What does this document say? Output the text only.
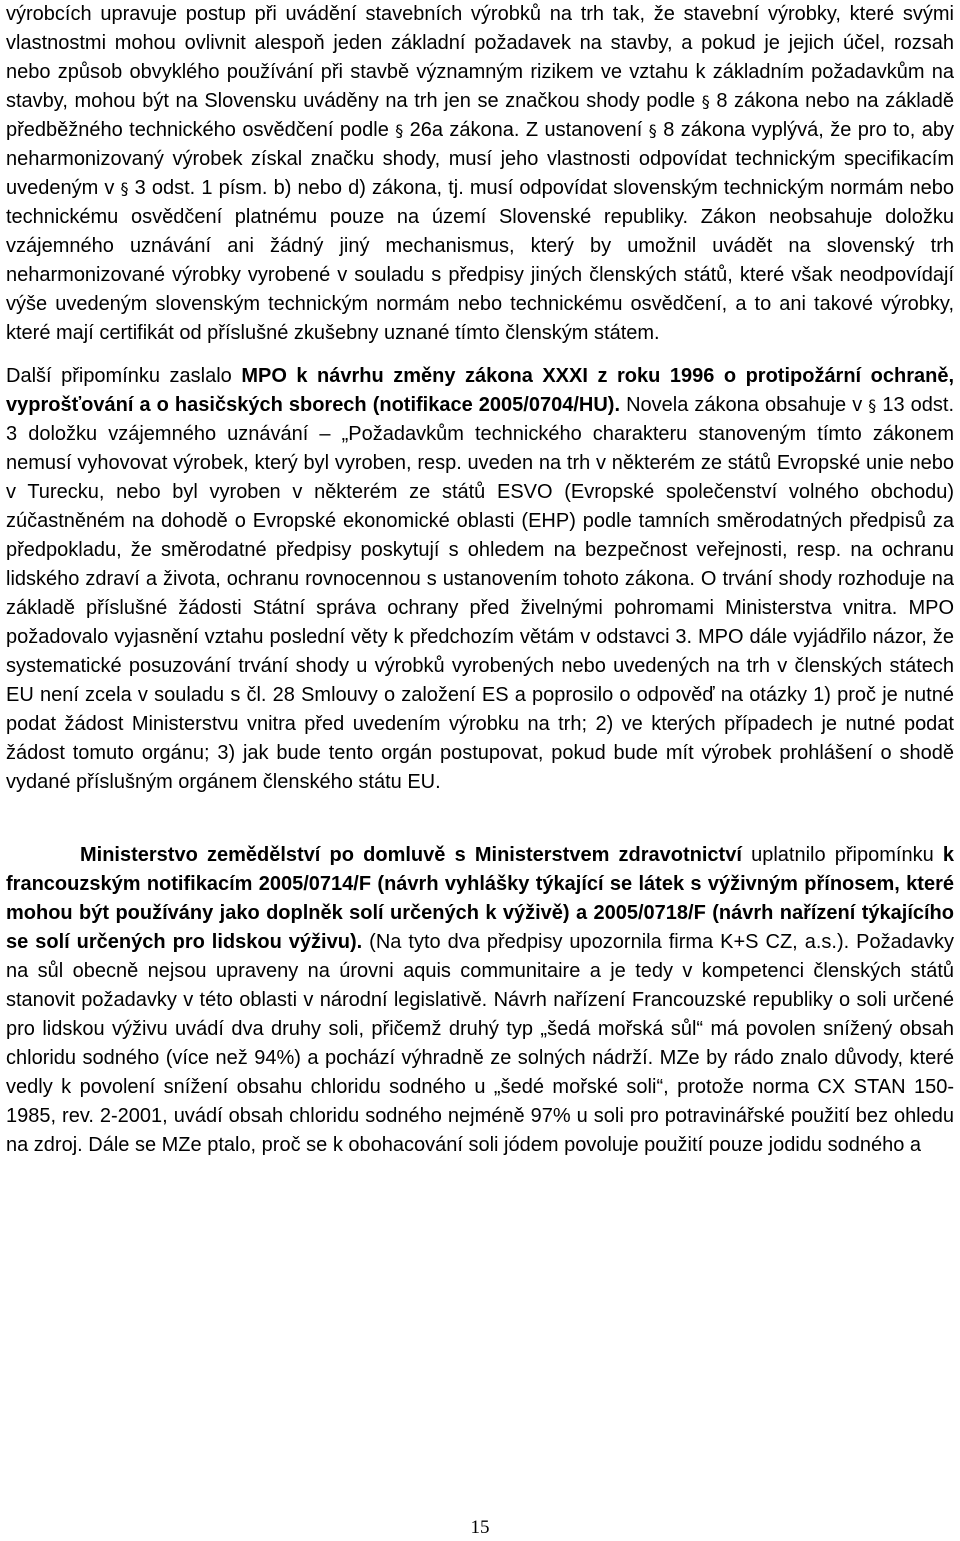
výrobcích upravuje postup při uvádění stavebních výrobků na trh tak, že stavební výrobky, které svými vlastnostmi mohou ovlivnit alespoň jeden základní požadavek na stavby, a pokud je jejich účel, rozsah nebo způsob obvyklého používání při stavbě významným rizikem ve vztahu k základním požadavkům na stavby, mohou být na Slovensku uváděny na trh jen se značkou shody podle § 8 zákona nebo na základě předběžného technického osvědčení podle § 26a zákona. Z ustanovení § 8 zákona vyplývá, že pro to, aby neharmonizovaný výrobek získal značku shody, musí jeho vlastnosti odpovídat technickým specifikacím uvedeným v § 3 odst. 1 písm. b) nebo d) zákona, tj. musí odpovídat slovenským technickým normám nebo technickému osvědčení platnému pouze na území Slovenské republiky. Zákon neobsahuje doložku vzájemného uznávání ani žádný jiný mechanismus, který by umožnil uvádět na slovenský trh neharmonizované výrobky vyrobené v souladu s předpisy jiných členských států, které však neodpovídají výše uvedeným slovenským technickým normám nebo technickému osvědčení, a to ani takové výrobky, které mají certifikát od příslušné zkušebny uznané tímto členským státem.

Další připomínku zaslalo MPO k návrhu změny zákona XXXI z roku 1996 o protipožární ochraně, vyprošťování a o hasičských sborech (notifikace 2005/0704/HU). Novela zákona obsahuje v § 13 odst. 3 doložku vzájemného uznávání – „Požadavkům technického charakteru stanoveným tímto zákonem nemusí vyhovovat výrobek, který byl vyroben, resp. uveden na trh v některém ze států Evropské unie nebo v Turecku, nebo byl vyroben v některém ze států ESVO (Evropské společenství volného obchodu) zúčastněném na dohodě o Evropské ekonomické oblasti (EHP) podle tamních směrodatných předpisů za předpokladu, že směrodatné předpisy poskytují s ohledem na bezpečnost veřejnosti, resp. na ochranu lidského zdraví a života, ochranu rovnocennou s ustanovením tohoto zákona. O trvání shody rozhoduje na základě příslušné žádosti Státní správa ochrany před živelnými pohromami Ministerstva vnitra. MPO požadovalo vyjasnění vztahu poslední věty k předchozím větám v odstavci 3. MPO dále vyjádřilo názor, že systematické posuzování trvání shody u výrobků vyrobených nebo uvedených na trh v členských státech EU není zcela v souladu s čl. 28 Smlouvy o založení ES a poprosilo o odpověď na otázky 1) proč je nutné podat žádost Ministerstvu vnitra před uvedením výrobku na trh; 2) ve kterých případech je nutné podat žádost tomuto orgánu; 3) jak bude tento orgán postupovat, pokud bude mít výrobek prohlášení o shodě vydané příslušným orgánem členského státu EU.

Ministerstvo zemědělství po domluvě s Ministerstvem zdravotnictví uplatnilo připomínku k francouzským notifikacím 2005/0714/F (návrh vyhlášky týkající se látek s výživným přínosem, které mohou být používány jako doplněk solí určených k výživě) a 2005/0718/F (návrh nařízení týkajícího se solí určených pro lidskou výživu). (Na tyto dva předpisy upozornila firma K+S CZ, a.s.). Požadavky na sůl obecně nejsou upraveny na úrovni aquis communitaire a je tedy v kompetenci členských států stanovit požadavky v této oblasti v národní legislativě. Návrh nařízení Francouzské republiky o soli určené pro lidskou výživu uvádí dva druhy soli, přičemž druhý typ „šedá mořská sůl“ má povolen snížený obsah chloridu sodného (více než 94%) a pochází výhradně ze solných nádrží. MZe by rádo znalo důvody, které vedly k povolení snížení obsahu chloridu sodného u „šedé mořské soli“, protože norma CX STAN 150-1985, rev. 2-2001, uvádí obsah chloridu sodného nejméně 97% u soli pro potravinářské použití bez ohledu na zdroj. Dále se MZe ptalo, proč se k obohacování soli jódem povoluje použití pouze jodidu sodného a

15
